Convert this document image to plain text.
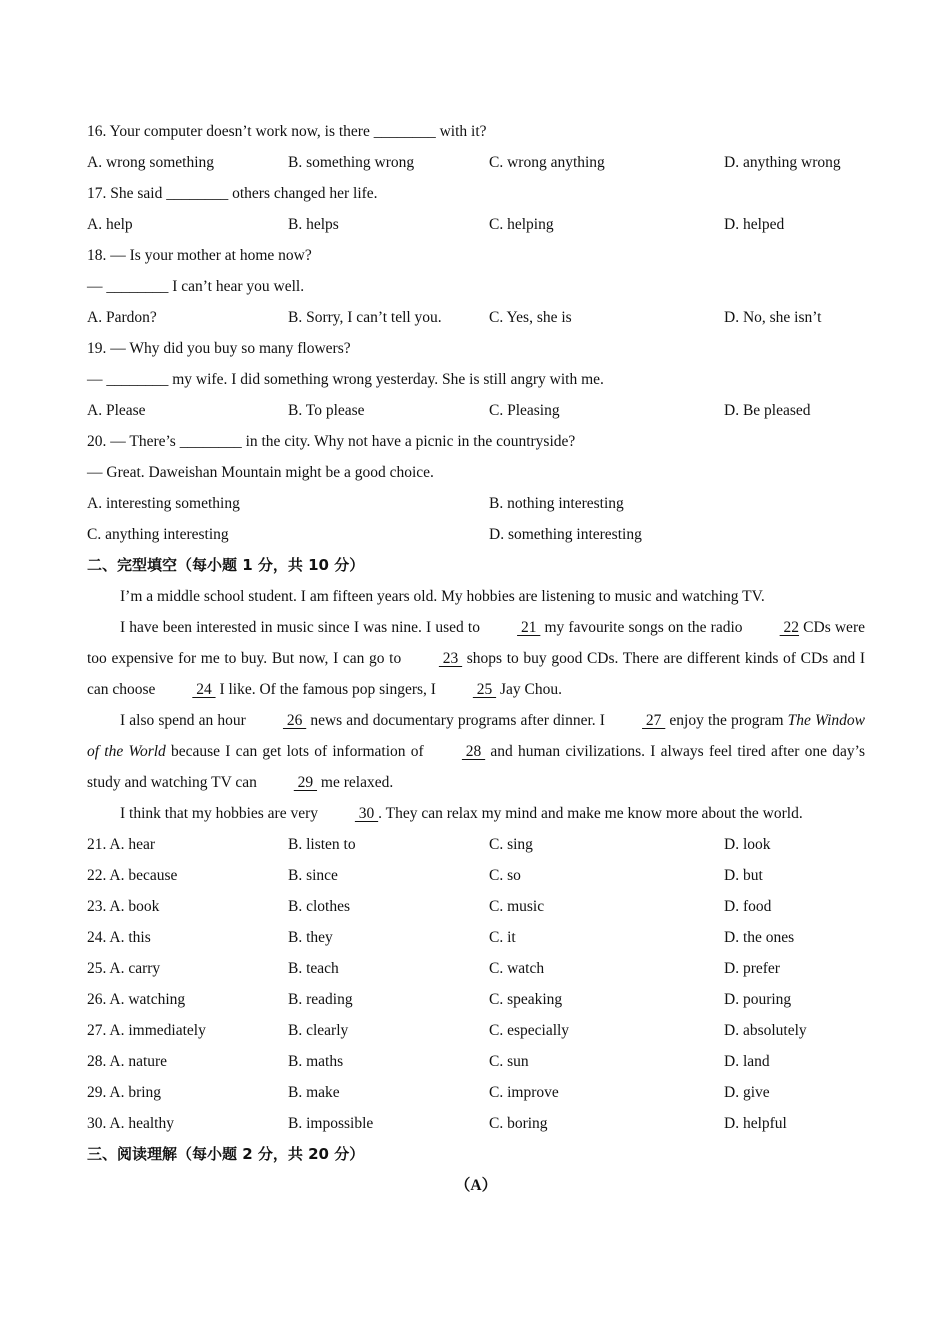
16. Your computer doesn’t work now, is there ________ with it?
A. wrong something	B. something wrong	C. wrong anything	D. anything wrong
17. She said ________ others changed her life.
A. help	B. helps	C. helping	D. helped
18. — Is your mother at home now?
— ________ I can’t hear you well.
A. Pardon?	B. Sorry, I can’t tell you.	C. Yes, she is	D. No, she isn’t
19. — Why did you buy so many flowers?
— ________ my wife. I did something wrong yesterday. She is still angry with me.
A. Please	B. To please	C. Pleasing	D. Be pleased
20. — There’s ________ in the city. Why not have a picnic in the countryside?
— Great. Daweishan Mountain might be a good choice.
A. interesting something	B. nothing interesting
C. anything interesting	D. something interesting
二、完型填空（每小题 1 分，共 10 分）

I’m a middle school student. I am fifteen years old. My hobbies are listening to music and watching TV.

I have been interested in music since I was nine. I used to  21  my favourite songs on the radio  22 CDs were too expensive for me to buy. But now, I can go to  23  shops to buy good CDs. There are different kinds of CDs and I can choose  24  I like. Of the famous pop singers, I  25  Jay Chou.

I also spend an hour  26  news and documentary programs after dinner. I  27  enjoy the program The Window of the World because I can get lots of information of  28  and human civilizations. I always feel tired after one day’s study and watching TV can  29  me relaxed.

I think that my hobbies are very  30 . They can relax my mind and make me know more about the world.

21. A. hear	B. listen to	C. sing	D. look
22. A. because	B. since	C. so	D. but
23. A. book	B. clothes	C. music	D. food
24. A. this	B. they	C. it	D. the ones
25. A. carry	B. teach	C. watch	D. prefer
26. A. watching	B. reading	C. speaking	D. pouring
27. A. immediately	B. clearly	C. especially	D. absolutely
28. A. nature	B. maths	C. sun	D. land
29. A. bring	B. make	C. improve	D. give
30. A. healthy	B. impossible	C. boring	D. helpful
三、阅读理解（每小题 2 分，共 20 分）
（A）
